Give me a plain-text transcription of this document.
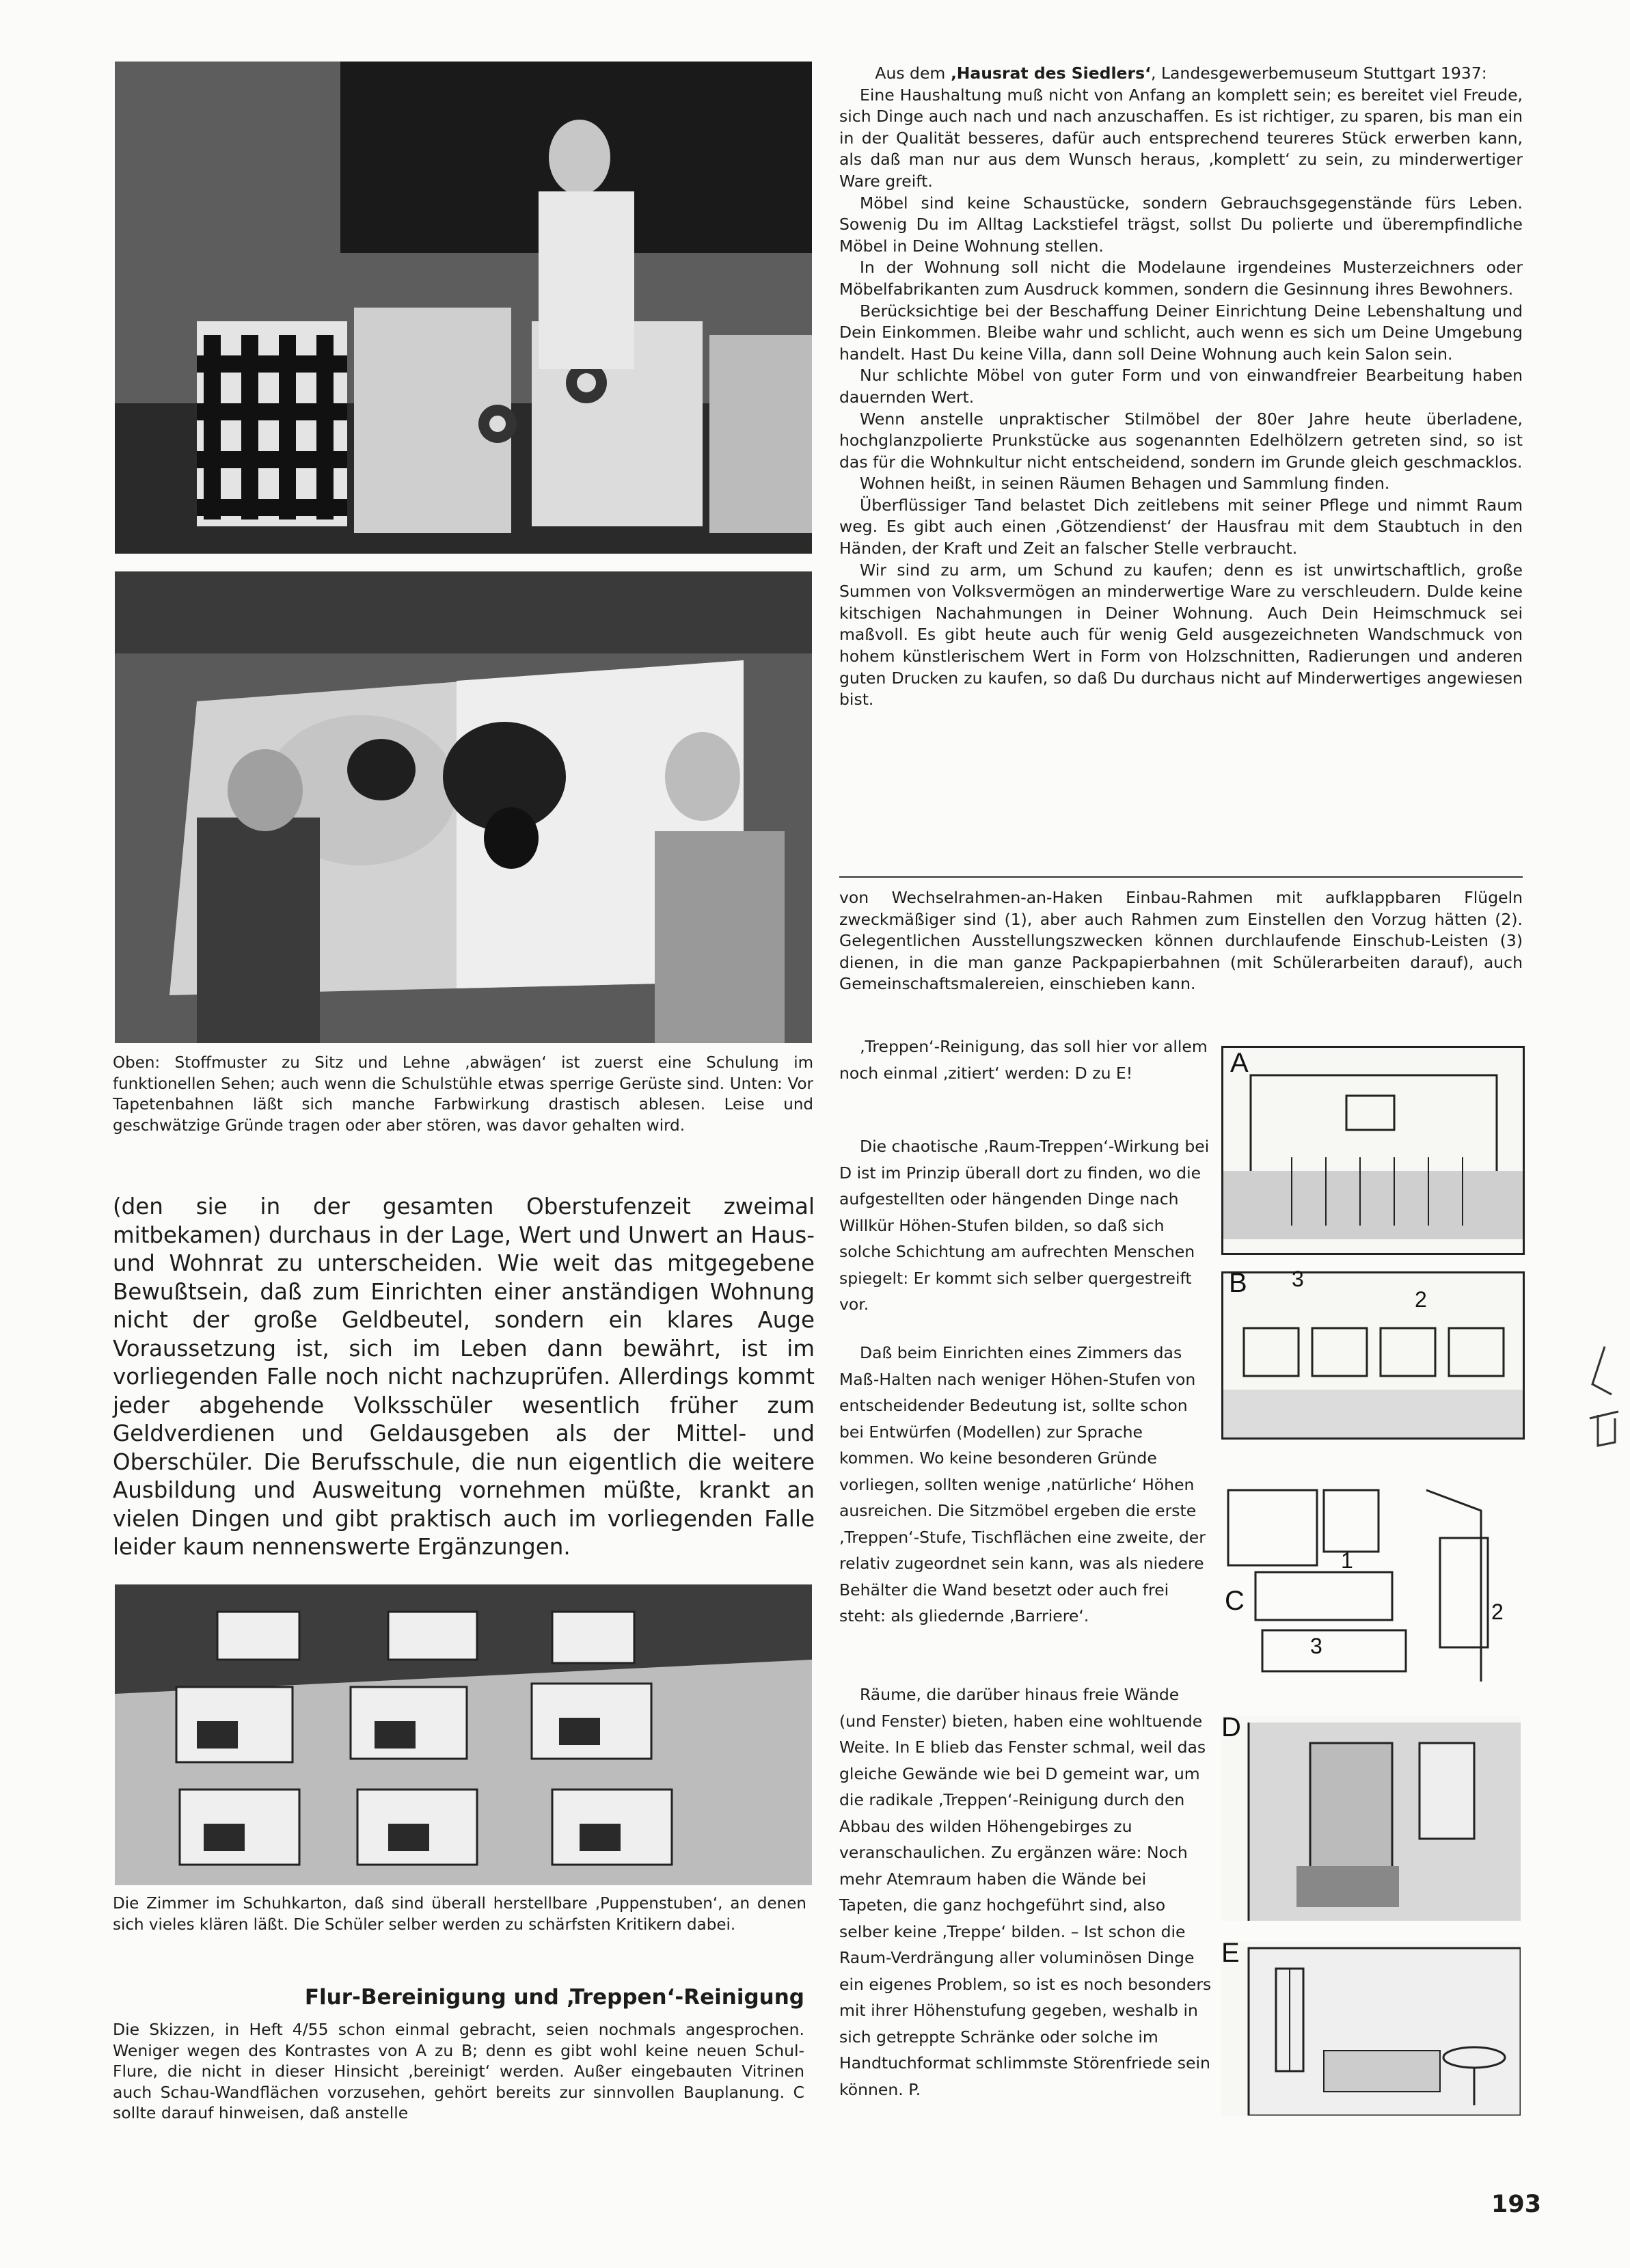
Aus dem ‚Hausrat des Siedlers‘, Landesgewerbemuseum Stuttgart 1937:

Eine Haushaltung muß nicht von Anfang an komplett sein; es bereitet viel Freude, sich Dinge auch nach und nach anzuschaffen. Es ist richtiger, zu sparen, bis man ein in der Qualität besseres, dafür auch entsprechend teureres Stück erwerben kann, als daß man nur aus dem Wunsch heraus, ‚komplett‘ zu sein, zu minderwertiger Ware greift.

Möbel sind keine Schaustücke, sondern Gebrauchsgegenstände fürs Leben. Sowenig Du im Alltag Lackstiefel trägst, sollst Du polierte und überempfindliche Möbel in Deine Wohnung stellen.

In der Wohnung soll nicht die Modelaune irgendeines Musterzeichners oder Möbelfabrikanten zum Ausdruck kommen, sondern die Gesinnung ihres Bewohners.

Berücksichtige bei der Beschaffung Deiner Einrichtung Deine Lebenshaltung und Dein Einkommen. Bleibe wahr und schlicht, auch wenn es sich um Deine Umgebung handelt. Hast Du keine Villa, dann soll Deine Wohnung auch kein Salon sein.

Nur schlichte Möbel von guter Form und von einwandfreier Bearbeitung haben dauernden Wert.

Wenn anstelle unpraktischer Stilmöbel der 80er Jahre heute überladene, hochglanzpolierte Prunkstücke aus sogenannten Edelhölzern getreten sind, so ist das für die Wohnkultur nicht entscheidend, sondern im Grunde gleich geschmacklos.

Wohnen heißt, in seinen Räumen Behagen und Sammlung finden.

Überflüssiger Tand belastet Dich zeitlebens mit seiner Pflege und nimmt Raum weg. Es gibt auch einen ‚Götzendienst‘ der Hausfrau mit dem Staubtuch in den Händen, der Kraft und Zeit an falscher Stelle verbraucht.

Wir sind zu arm, um Schund zu kaufen; denn es ist unwirtschaftlich, große Summen von Volksvermögen an minderwertige Ware zu verschleudern. Dulde keine kitschigen Nachahmungen in Deiner Wohnung. Auch Dein Heimschmuck sei maßvoll. Es gibt heute auch für wenig Geld ausgezeichneten Wandschmuck von hohem künstlerischem Wert in Form von Holzschnitten, Radierungen und anderen guten Drucken zu kaufen, so daß Du durchaus nicht auf Minderwertiges angewiesen bist.

von Wechselrahmen-an-Haken Einbau-Rahmen mit aufklappbaren Flügeln zweckmäßiger sind (1), aber auch Rahmen zum Einstellen den Vorzug hätten (2). Gelegentlichen Ausstellungszwecken können durchlaufende Einschub-Leisten (3) dienen, in die man ganze Packpapierbahnen (mit Schülerarbeiten darauf), auch Gemeinschaftsmalereien, einschieben kann.
Oben: Stoffmuster zu Sitz und Lehne ‚abwägen‘ ist zuerst eine Schulung im funktionellen Sehen; auch wenn die Schulstühle etwas sperrige Gerüste sind. Unten: Vor Tapetenbahnen läßt sich manche Farbwirkung drastisch ablesen. Leise und geschwätzige Gründe tragen oder aber stören, was davor gehalten wird.
(den sie in der gesamten Oberstufenzeit zweimal mitbekamen) durchaus in der Lage, Wert und Unwert an Haus- und Wohnrat zu unterscheiden. Wie weit das mitgegebene Bewußtsein, daß zum Einrichten einer anständigen Wohnung nicht der große Geldbeutel, sondern ein klares Auge Voraussetzung ist, sich im Leben dann bewährt, ist im vorliegenden Falle noch nicht nachzuprüfen. Allerdings kommt jeder abgehende Volksschüler wesentlich früher zum Geldverdienen und Geldausgeben als der Mittel- und Oberschüler. Die Berufsschule, die nun eigentlich die weitere Ausbildung und Ausweitung vornehmen müßte, krankt an vielen Dingen und gibt praktisch auch im vorliegenden Falle leider kaum nennenswerte Ergänzungen.
Die Zimmer im Schuhkarton, daß sind überall herstellbare ‚Puppenstuben‘, an denen sich vieles klären läßt. Die Schüler selber werden zu schärfsten Kritikern dabei.
Flur-Bereinigung und ‚Treppen‘-Reinigung
Die Skizzen, in Heft 4/55 schon einmal gebracht, seien nochmals angesprochen. Weniger wegen des Kontrastes von A zu B; denn es gibt wohl keine neuen Schul-Flure, die nicht in dieser Hinsicht ‚bereinigt‘ werden. Außer eingebauten Vitrinen auch Schau-Wandflächen vorzusehen, gehört bereits zur sinnvollen Bauplanung. C sollte darauf hinweisen, daß anstelle

‚Treppen‘-Reinigung, das soll hier vor allem noch einmal ‚zitiert‘ werden: D zu E!

Die chaotische ‚Raum-Treppen‘-Wirkung bei D ist im Prinzip überall dort zu finden, wo die aufgestellten oder hängenden Dinge nach Willkür Höhen-Stufen bilden, so daß sich solche Schichtung am aufrechten Menschen spiegelt: Er kommt sich selber quergestreift vor.

Daß beim Einrichten eines Zimmers das Maß-Halten nach weniger Höhen-Stufen von entscheidender Bedeutung ist, sollte schon bei Entwürfen (Modellen) zur Sprache kommen. Wo keine besonderen Gründe vorliegen, sollten wenige ‚natürliche‘ Höhen ausreichen. Die Sitzmöbel ergeben die erste ‚Treppen‘-Stufe, Tischflächen eine zweite, der relativ zugeordnet sein kann, was als niedere Behälter die Wand besetzt oder auch frei steht: als gliedernde ‚Barriere‘.

Räume, die darüber hinaus freie Wände (und Fenster) bieten, haben eine wohltuende Weite. In E blieb das Fenster schmal, weil das gleiche Gewände wie bei D gemeint war, um die radikale ‚Treppen‘-Reinigung durch den Abbau des wilden Höhengebirges zu veranschaulichen. Zu ergänzen wäre: Noch mehr Atemraum haben die Wände bei Tapeten, die ganz hochgeführt sind, also selber keine ‚Treppe‘ bilden. – Ist schon die Raum-Verdrängung aller voluminösen Dinge ein eigenes Problem, so ist es noch besonders mit ihrer Höhenstufung gegeben, weshalb in sich getreppte Schränke oder solche im Handtuchformat schlimmste Störenfriede sein können. P.

A
B 3
2
C
1
2
3
D
E
193
